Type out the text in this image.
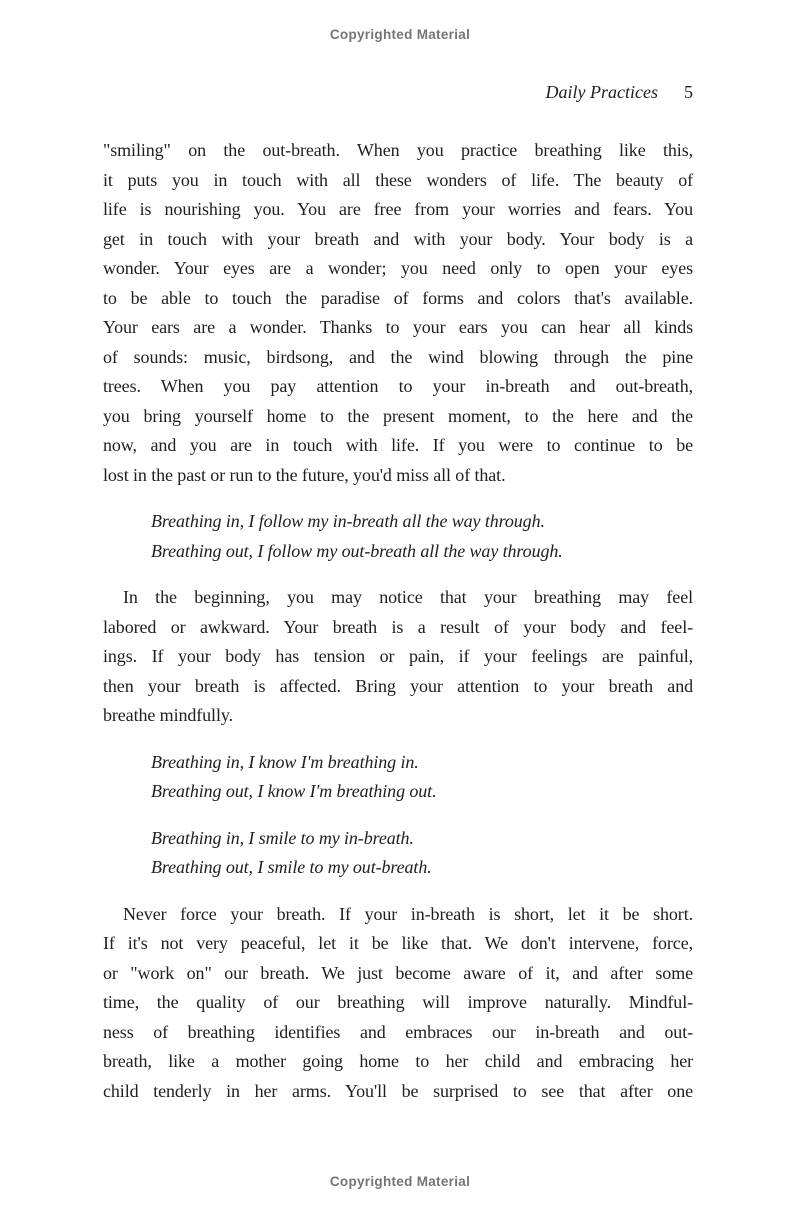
Copyrighted Material
Daily Practices 5
"smiling" on the out-breath. When you practice breathing like this,
it puts you in touch with all these wonders of life. The beauty of
life is nourishing you. You are free from your worries and fears. You
get in touch with your breath and with your body. Your body is a
wonder. Your eyes are a wonder; you need only to open your eyes
to be able to touch the paradise of forms and colors that's available.
Your ears are a wonder. Thanks to your ears you can hear all kinds
of sounds: music, birdsong, and the wind blowing through the pine
trees. When you pay attention to your in-breath and out-breath,
you bring yourself home to the present moment, to the here and the
now, and you are in touch with life. If you were to continue to be
lost in the past or run to the future, you'd miss all of that.
Breathing in, I follow my in-breath all the way through.
Breathing out, I follow my out-breath all the way through.
In the beginning, you may notice that your breathing may feel
labored or awkward. Your breath is a result of your body and feel-
ings. If your body has tension or pain, if your feelings are painful,
then your breath is affected. Bring your attention to your breath and
breathe mindfully.
Breathing in, I know I'm breathing in.
Breathing out, I know I'm breathing out.
Breathing in, I smile to my in-breath.
Breathing out, I smile to my out-breath.
Never force your breath. If your in-breath is short, let it be short.
If it's not very peaceful, let it be like that. We don't intervene, force,
or "work on" our breath. We just become aware of it, and after some
time, the quality of our breathing will improve naturally. Mindful-
ness of breathing identifies and embraces our in-breath and out-
breath, like a mother going home to her child and embracing her
child tenderly in her arms. You'll be surprised to see that after one
Copyrighted Material
